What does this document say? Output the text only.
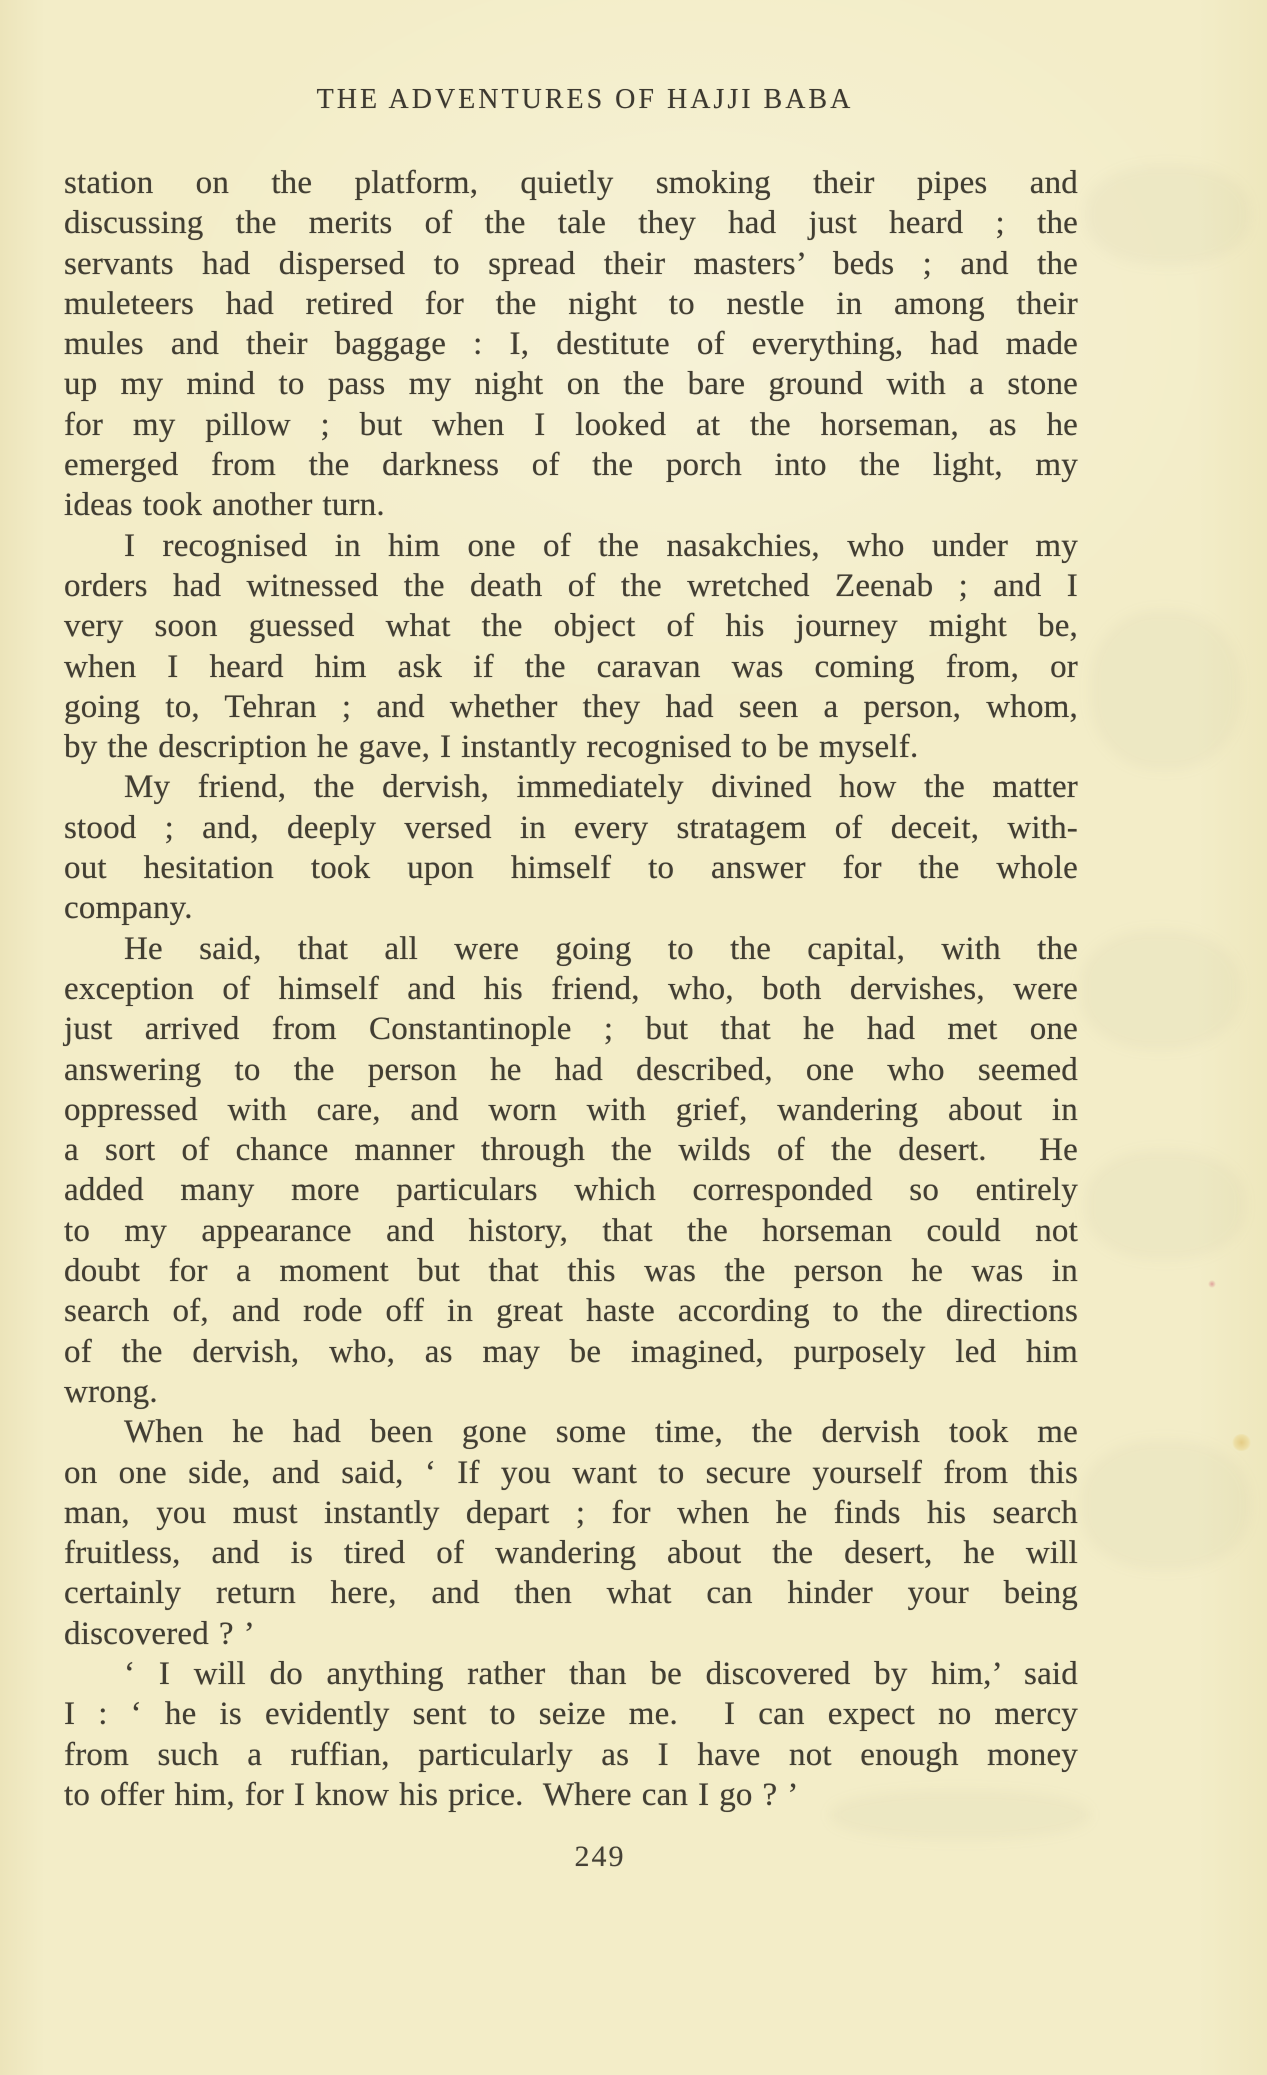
THE ADVENTURES OF HAJJI BABA
station on the platform, quietly smoking their pipes and
discussing the merits of the tale they had just heard ; the
servants had dispersed to spread their masters’ beds ; and the
muleteers had retired for the night to nestle in among their
mules and their baggage : I, destitute of everything, had made
up my mind to pass my night on the bare ground with a stone
for my pillow ; but when I looked at the horseman, as he
emerged from the darkness of the porch into the light, my
ideas took another turn.
I recognised in him one of the nasakchies, who under my
orders had witnessed the death of the wretched Zeenab ; and I
very soon guessed what the object of his journey might be,
when I heard him ask if the caravan was coming from, or
going to, Tehran ; and whether they had seen a person, whom,
by the description he gave, I instantly recognised to be myself.
My friend, the dervish, immediately divined how the matter
stood ; and, deeply versed in every stratagem of deceit, with-
out hesitation took upon himself to answer for the whole
company.
He said, that all were going to the capital, with the
exception of himself and his friend, who, both dervishes, were
just arrived from Constantinople ; but that he had met one
answering to the person he had described, one who seemed
oppressed with care, and worn with grief, wandering about in
a sort of chance manner through the wilds of the desert.  He
added many more particulars which corresponded so entirely
to my appearance and history, that the horseman could not
doubt for a moment but that this was the person he was in
search of, and rode off in great haste according to the directions
of the dervish, who, as may be imagined, purposely led him
wrong.
When he had been gone some time, the dervish took me
on one side, and said, ‘ If you want to secure yourself from this
man, you must instantly depart ; for when he finds his search
fruitless, and is tired of wandering about the desert, he will
certainly return here, and then what can hinder your being
discovered ? ’
‘ I will do anything rather than be discovered by him,’ said
I : ‘ he is evidently sent to seize me.  I can expect no mercy
from such a ruffian, particularly as I have not enough money
to offer him, for I know his price.  Where can I go ? ’
249
